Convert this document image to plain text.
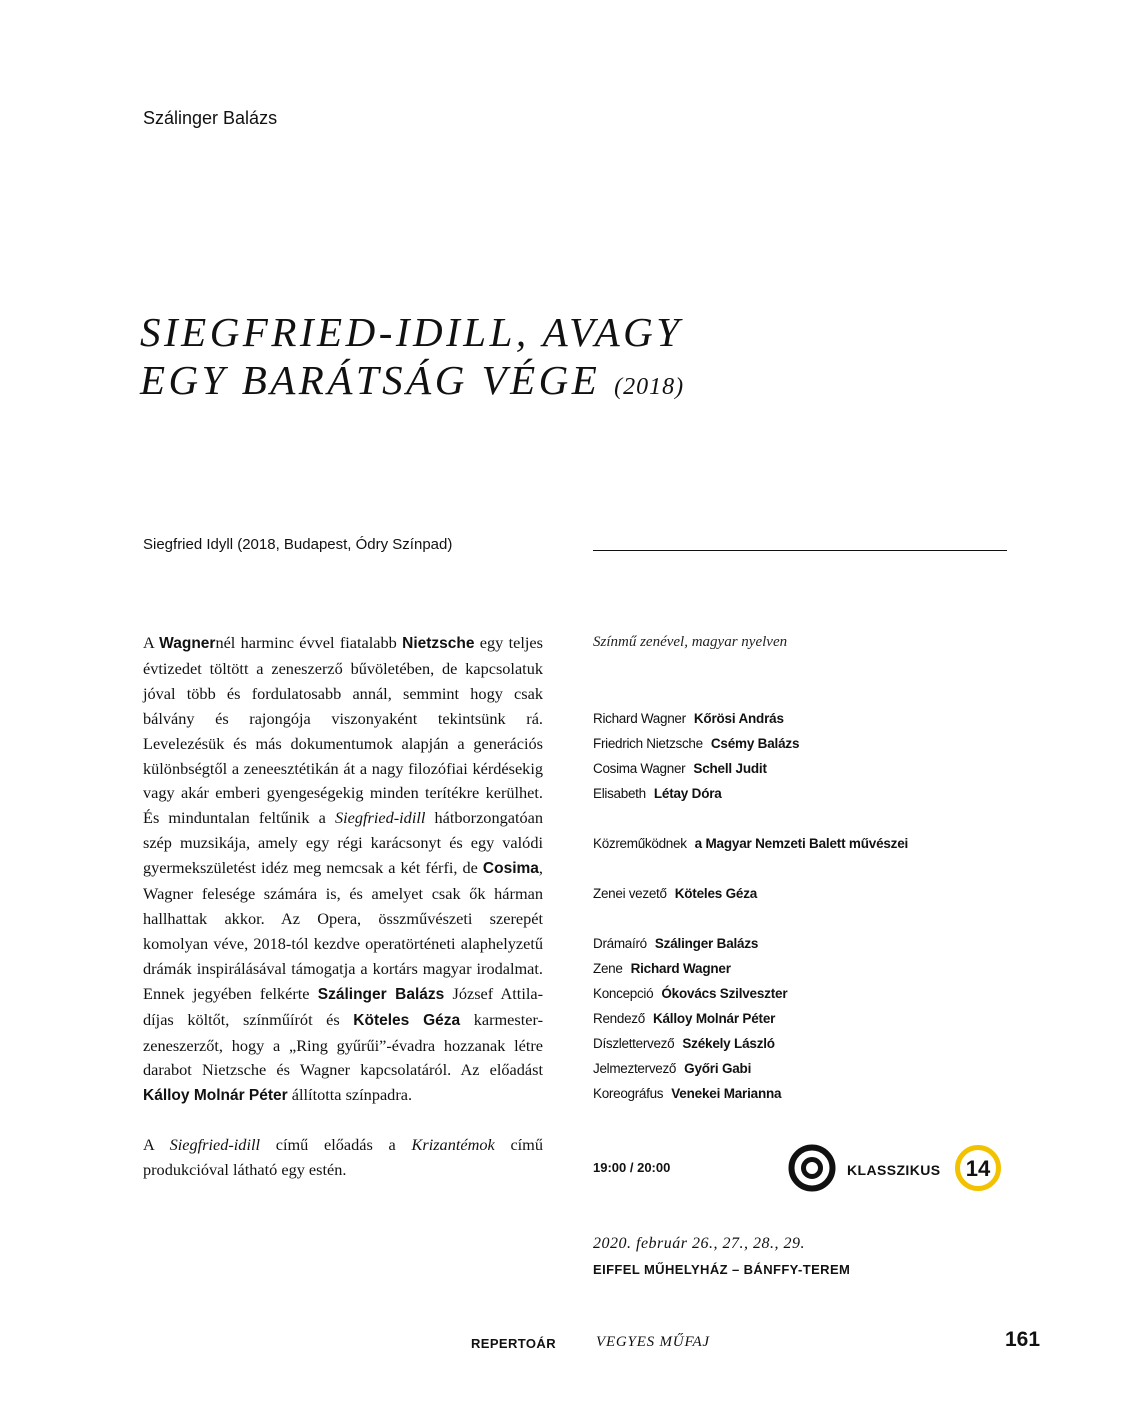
Szálinger Balázs
SIEGFRIED-IDILL, AVAGY
EGY BARÁTSÁG VÉGE (2018)
Siegfried Idyll (2018, Budapest, Ódry Színpad)

A Wagnernél harminc évvel fiatalabb Nietzsche egy teljes évtizedet töltött a zeneszerző bűvöletében, de kapcsolatuk jóval több és fordulatosabb annál, semmint hogy csak bálvány és rajongója viszonyaként tekintsünk rá. Levelezésük és más dokumentumok alapján a generációs különbségtől a zeneesztétikán át a nagy filozófiai kérdésekig vagy akár emberi gyengeségekig minden terítékre kerülhet. És minduntalan feltűnik a Siegfried-idill hátborzongatóan szép muzsikája, amely egy régi karácsonyt és egy valódi gyermekszületést idéz meg nemcsak a két férfi, de Cosima, Wagner felesége számára is, és amelyet csak ők hárman hallhattak akkor. Az Opera, összművészeti szerepét komolyan véve, 2018-tól kezdve operatörténeti alaphelyzetű drámák inspirálásával támogatja a kortárs magyar irodalmat. Ennek jegyében felkérte Szálinger Balázs József Attila-díjas költőt, színműírót és Köteles Géza karmester-zeneszerzőt, hogy a „Ring gyűrűi”-évadra hozzanak létre darabot Nietzsche és Wagner kapcsolatáról. Az előadást Kálloy Molnár Péter állította színpadra.

A Siegfried-idill című előadás a Krizantémok című produkcióval látható egy estén.

Színmű zenével, magyar nyelven
Richard Wagner Kőrösi András
Friedrich Nietzsche Csémy Balázs
Cosima Wagner Schell Judit
Elisabeth Létay Dóra
Közreműködnek a Magyar Nemzeti Balett művészei
Zenei vezető Köteles Géza
Drámaíró Szálinger Balázs
Zene Richard Wagner
Koncepció Ókovács Szilveszter
Rendező Kálloy Molnár Péter
Díszlettervező Székely László
Jelmeztervező Győri Gabi
Koreográfus Venekei Marianna
19:00 / 20:00	KLASSZIKUS 14
2020. február 26., 27., 28., 29.
EIFFEL MŰHELYHÁZ – BÁNFFY-TEREM
REPERTOÁR	VEGYES MŰFAJ	161
